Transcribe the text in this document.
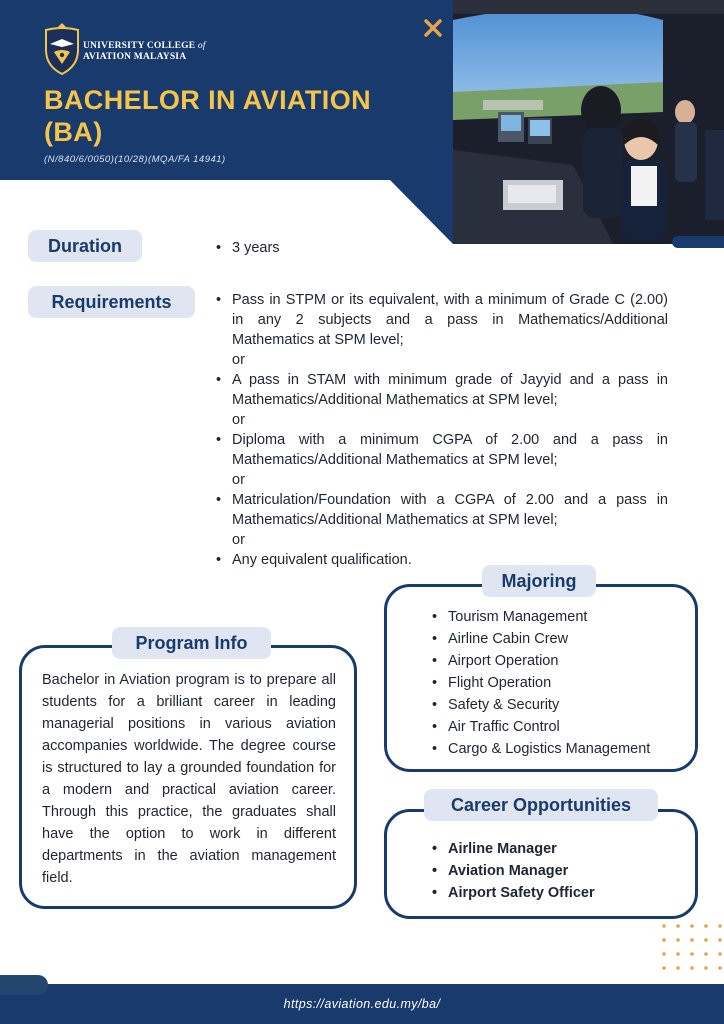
UNIVERSITY COLLEGE of
AVIATION MALAYSIA
BACHELOR IN AVIATION (BA)
(N/840/6/0050)(10/28)(MQA/FA 14941)
Duration	• 3 years
Requirements	• Pass in STPM or its equivalent, with a minimum of Grade C (2.00) in any 2 subjects and a pass in Mathematics/Additional Mathematics at SPM level;
or
• A pass in STAM with minimum grade of Jayyid and a pass in Mathematics/Additional Mathematics at SPM level;
or
• Diploma with a minimum CGPA of 2.00 and a pass in Mathematics/Additional Mathematics at SPM level;
or
• Matriculation/Foundation with a CGPA of 2.00 and a pass in Mathematics/Additional Mathematics at SPM level;
or
• Any equivalent qualification.
Majoring
• Tourism Management
• Airline Cabin Crew
• Airport Operation
• Flight Operation
• Safety & Security
• Air Traffic Control
• Cargo & Logistics Management
Program Info
Bachelor in Aviation program is to prepare all students for a brilliant career in leading managerial positions in various aviation accompanies worldwide. The degree course is structured to lay a grounded foundation for a modern and practical aviation career. Through this practice, the graduates shall have the option to work in different departments in the aviation management field.
Career Opportunities
• Airline Manager
• Aviation Manager
• Airport Safety Officer
https://aviation.edu.my/ba/
